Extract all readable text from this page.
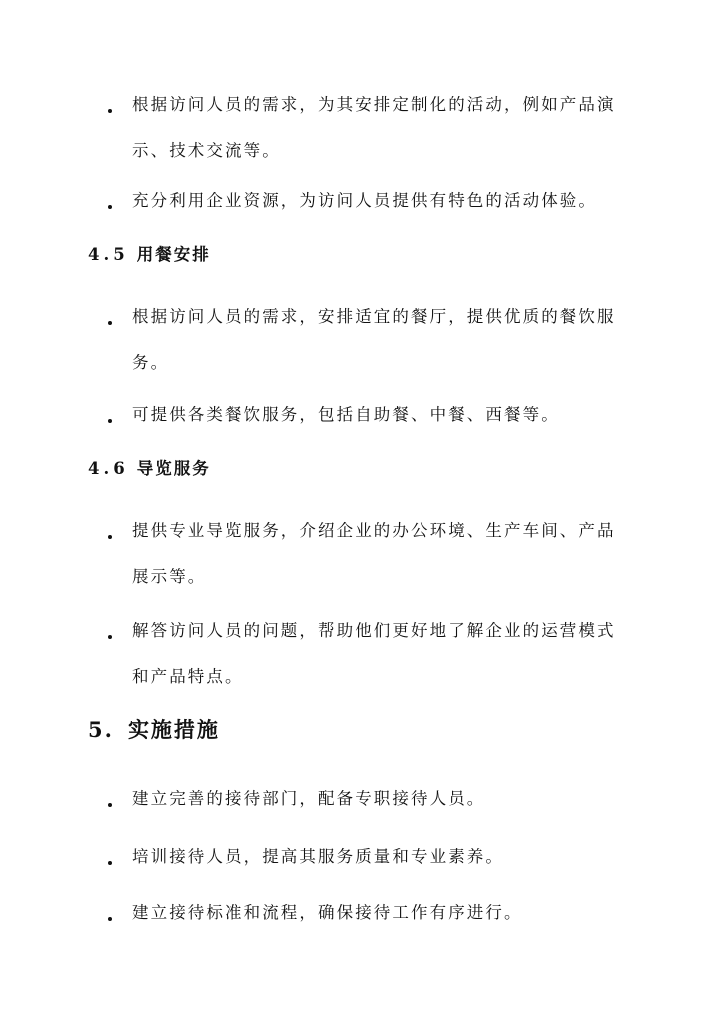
根据访问人员的需求，为其安排定制化的活动，例如产品演示、技术交流等。
充分利用企业资源，为访问人员提供有特色的活动体验。
4.5 用餐安排
根据访问人员的需求，安排适宜的餐厅，提供优质的餐饮服务。
可提供各类餐饮服务，包括自助餐、中餐、西餐等。
4.6 导览服务
提供专业导览服务，介绍企业的办公环境、生产车间、产品展示等。
解答访问人员的问题，帮助他们更好地了解企业的运营模式和产品特点。
5. 实施措施
建立完善的接待部门，配备专职接待人员。
培训接待人员，提高其服务质量和专业素养。
建立接待标准和流程，确保接待工作有序进行。
